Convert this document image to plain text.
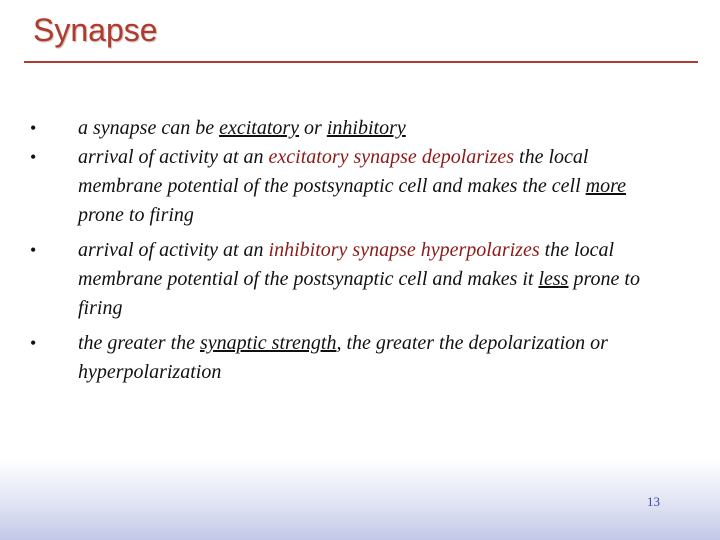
Synapse
• a synapse can be excitatory or inhibitory
• arrival of activity at an excitatory synapse depolarizes the local membrane potential of the postsynaptic cell and makes the cell more prone to firing
• arrival of activity at an inhibitory synapse hyperpolarizes the local membrane potential of the postsynaptic cell and makes it less prone to firing
• the greater the synaptic strength, the greater the depolarization or hyperpolarization
13
